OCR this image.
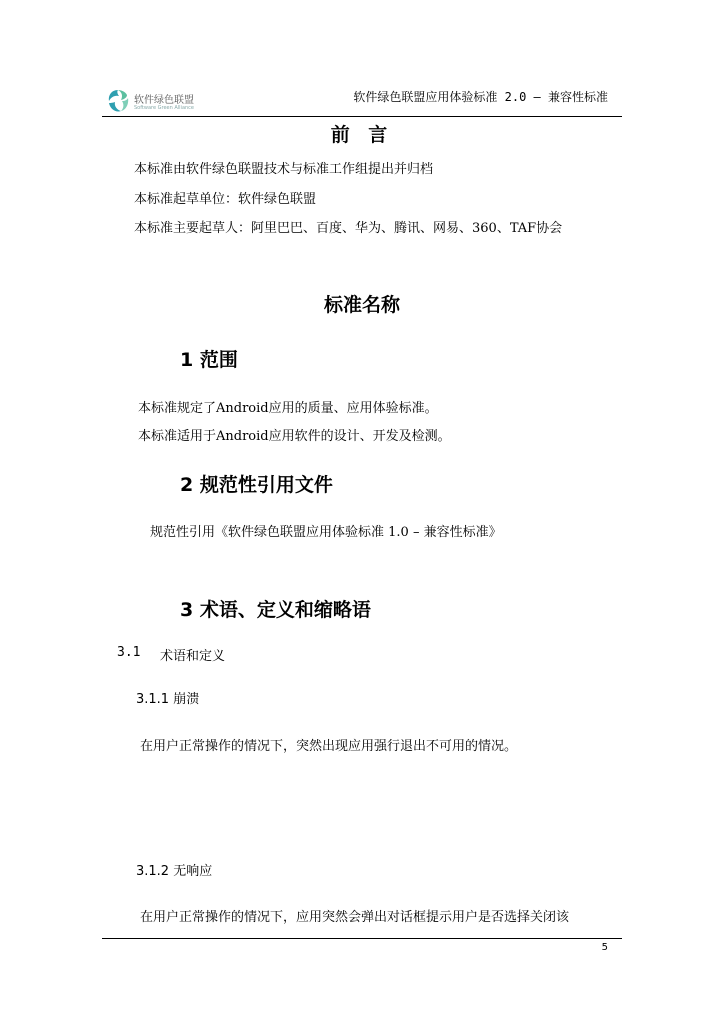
软件绿色联盟
Software Green Alliance
软件绿色联盟应用体验标准 2.0 – 兼容性标准
前 言
本标准由软件绿色联盟技术与标准工作组提出并归档
本标准起草单位：软件绿色联盟
本标准主要起草人：阿里巴巴、百度、华为、腾讯、网易、360、TAF协会
标准名称
1 范围
本标准规定了Android应用的质量、应用体验标准。
本标准适用于Android应用软件的设计、开发及检测。
2 规范性引用文件
规范性引用《软件绿色联盟应用体验标准 1.0 – 兼容性标准》
3 术语、定义和缩略语
3.1 术语和定义
3.1.1 崩溃
在用户正常操作的情况下，突然出现应用强行退出不可用的情况。
3.1.2 无响应
在用户正常操作的情况下，应用突然会弹出对话框提示用户是否选择关闭该
5
